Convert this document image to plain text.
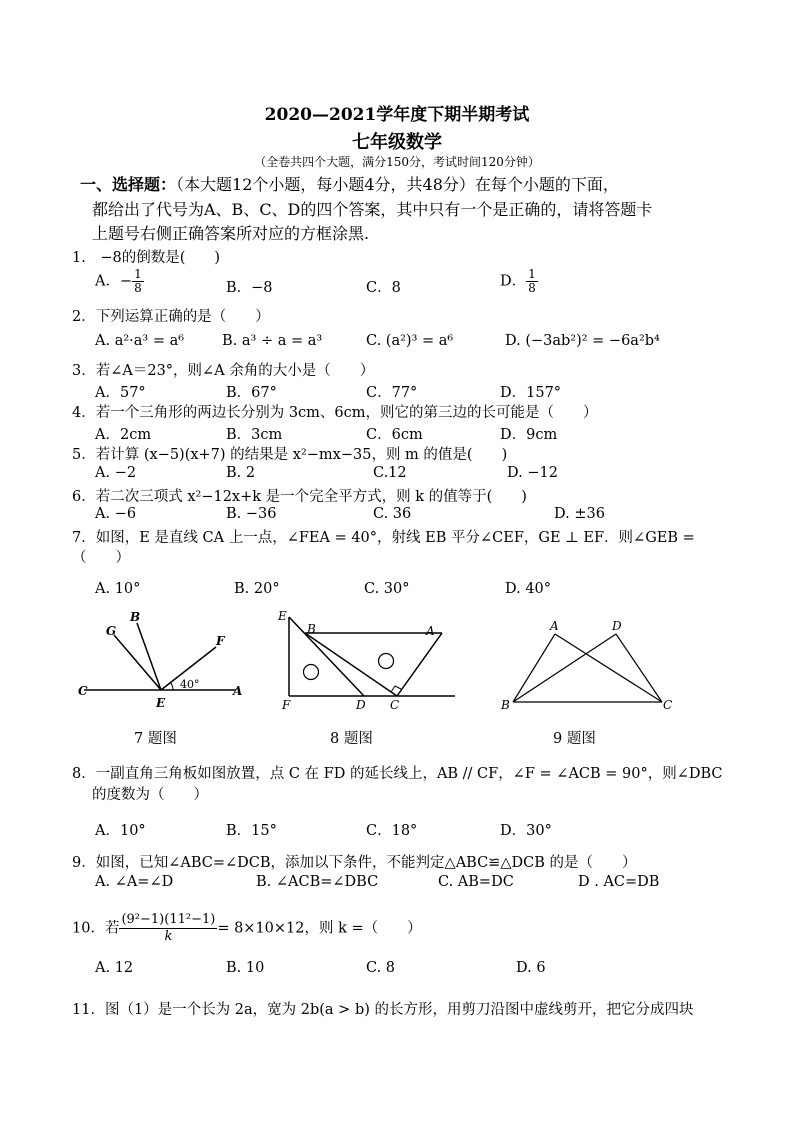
2020—2021学年度下期半期考试
七年级数学
（全卷共四个大题，满分150分，考试时间120分钟）
一、选择题：（本大题12个小题，每小题4分，共48分）在每个小题的下面，
都给出了代号为A、B、C、D的四个答案，其中只有一个是正确的，请将答题卡
上题号右侧正确答案所对应的方框涂黑.
1.　−8的倒数是(　　)
A．− $\frac{1}{8}$	B．−8	C．8	D． $\frac{1}{8}$
2．下列运算正确的是（　　）
A. a²·a³ = a⁶	B. a³ ÷ a = a³	C. (a²)³ = a⁶	D. (−3ab²)² = −6a²b⁴
3．若∠A＝23°，则∠A 余角的大小是（　　）
A．57°	B．67°	C．77°	D．157°
4．若一个三角形的两边长分别为 3cm、6cm，则它的第三边的长可能是（　　）
A．2cm	B．3cm	C．6cm	D．9cm
5．若计算 (x−5)(x+7) 的结果是 x²−mx−35，则 m 的值是(　　)
A. −2	B. 2	C.12	D. −12
6．若二次三项式 x²−12x+k 是一个完全平方式，则 k 的值等于(　　)
A. −6	B. −36	C. 36	D. ±36
7．如图，E 是直线 CA 上一点，∠FEA = 40°，射线 EB 平分∠CEF，GE ⊥ EF．则∠GEB =
（　　）
A. 10°	B. 20°	C. 30°	D. 40°
G
B
F
C
E
A
40°
7 题图
E
B	A
F	D C
8 题图
A	D
B	C
9 题图
8．一副直角三角板如图放置，点 C 在 FD 的延长线上，AB // CF，∠F = ∠ACB = 90°，则∠DBC
的度数为（　　）
A．10°	B．15°	C．18°	D．30°
9．如图，已知∠ABC=∠DCB，添加以下条件，不能判定△ABC≌△DCB 的是（　　）
A. ∠A=∠D	B. ∠ACB=∠DBC	C. AB=DC	D . AC=DB
10．若 $\frac{\text{(9²−1)(11²−1)}}{k} = 8\times 10\times 12$，则 k =（　　）
A. 12	B. 10	C. 8	D. 6
11．图（1）是一个长为 2a，宽为 2b(a > b) 的长方形，用剪刀沿图中虚线剪开，把它分成四块
